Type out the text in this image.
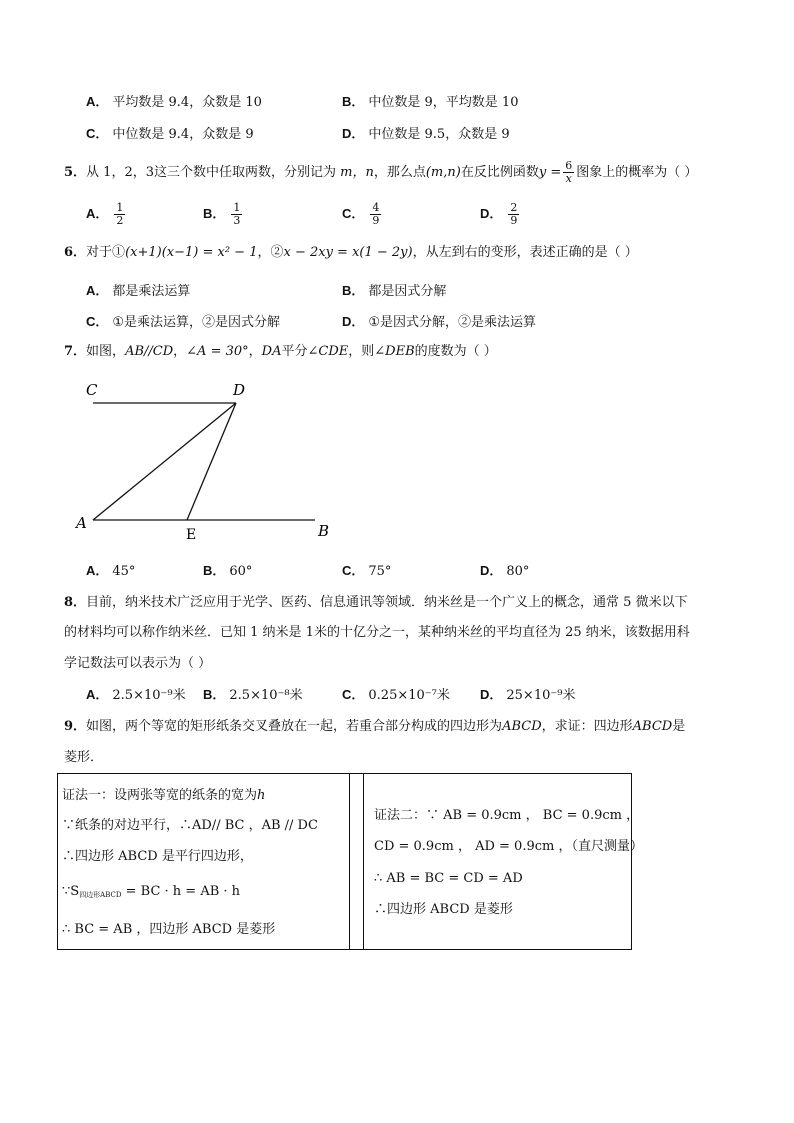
A． 平均数是 9.4，众数是 10	B． 中位数是 9，平均数是 10
C． 中位数是 9.4，众数是 9	D． 中位数是 9.5，众数是 9
5．从 1，2，3这三个数中任取两数，分别记为 m，n，那么点(m,n)在反比例函数$y = \frac{6}{x}$ 图象上的概率为（ ）
A． $\frac{1}{2}$	B． $\frac{1}{3}$	C． $\frac{4}{9}$	D． $\frac{2}{9}$
6．对于①(x+1)(x−1) = x² − 1，②x − 2xy = x(1 − 2y)，从左到右的变形，表述正确的是（ ）
A． 都是乘法运算	B． 都是因式分解
C． ①是乘法运算，②是因式分解	D． ①是因式分解，②是乘法运算
7．如图，AB//CD，∠A = 30°，DA平分∠CDE，则∠DEB的度数为（ ）
C	D
A
E	B
A． 45°	B． 60°	C． 75°	D． 80°
8．目前，纳米技术广泛应用于光学、医药、信息通讯等领域．纳米丝是一个广义上的概念，通常 5 微米以下
的材料均可以称作纳米丝．已知 1 纳米是 1米的十亿分之一，某种纳米丝的平均直径为 25 纳米，该数据用科
学记数法可以表示为（ ）
A． 2.5×10⁻⁹米 B． 2.5×10⁻⁸米	C． 0.25×10⁻⁷米 D． 25×10⁻⁹米
9．如图，两个等宽的矩形纸条交叉叠放在一起，若重合部分构成的四边形为ABCD，求证：四边形ABCD是
菱形．
证法一：设两张等宽的纸条的宽为h
∵纸条的对边平行，∴AD// BC ，AB // DC
∴四边形 ABCD 是平行四边形，
$\because S_{四边形ABCD}$ = BC · h = AB · h
∴ BC = AB ，四边形 ABCD 是菱形
证法二：∵ AB = 0.9cm ， BC = 0.9cm ，
CD = 0.9cm ， AD = 0.9cm ，（直尺测量）
∴ AB = BC = CD = AD
∴四边形 ABCD 是菱形
